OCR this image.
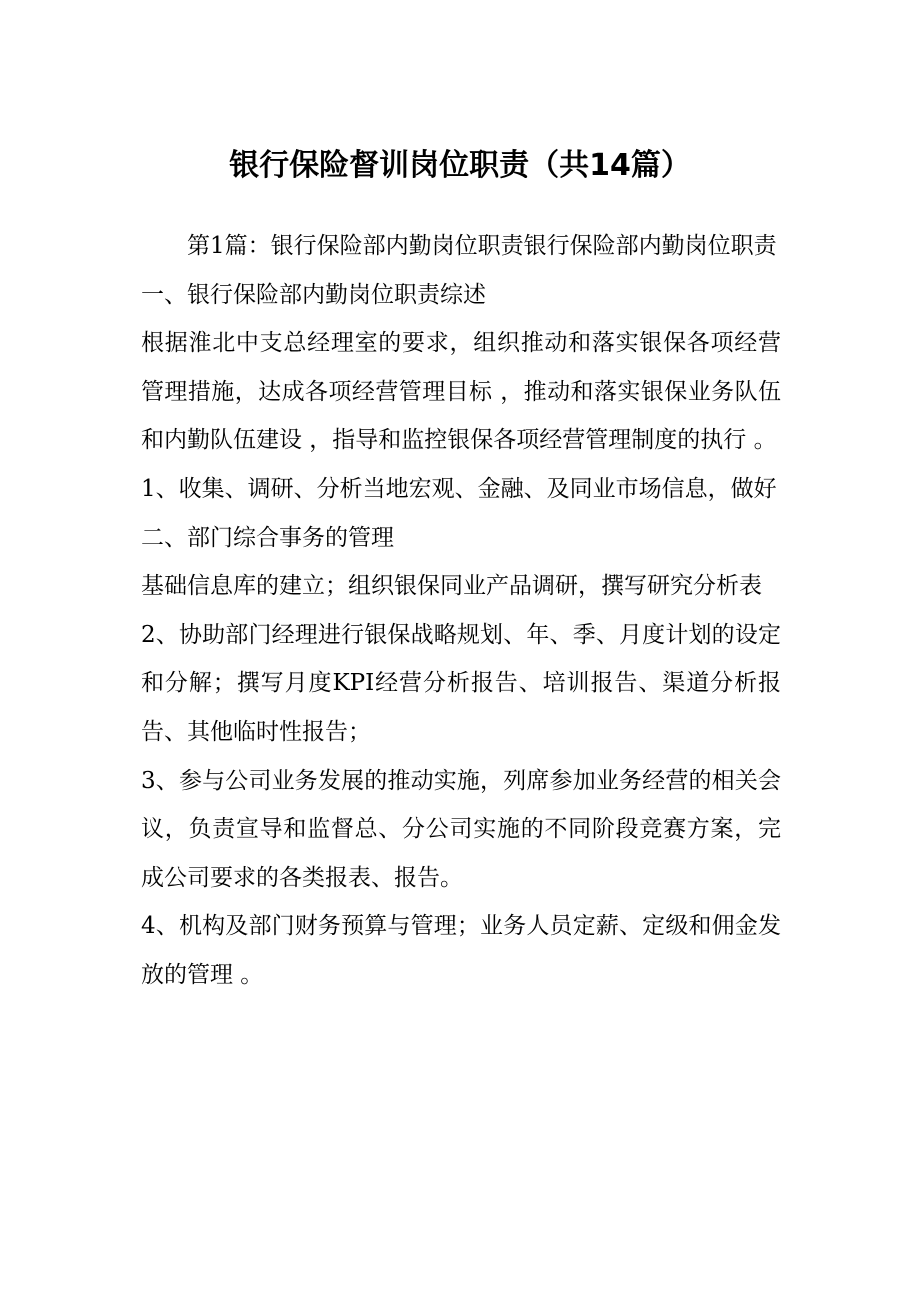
银行保险督训岗位职责（共14篇）

第1篇：银行保险部内勤岗位职责银行保险部内勤岗位职责

一、银行保险部内勤岗位职责综述

根据淮北中支总经理室的要求，组织推动和落实银保各项经营管理措施，达成各项经营管理目标 ，推动和落实银保业务队伍和内勤队伍建设 ，指导和监控银保各项经营管理制度的执行 。

1、收集、调研、分析当地宏观、金融、及同业市场信息，做好

二、部门综合事务的管理

基础信息库的建立；组织银保同业产品调研，撰写研究分析表

2、协助部门经理进行银保战略规划、年、季、月度计划的设定和分解；撰写月度KPI经营分析报告、培训报告、渠道分析报告、其他临时性报告；

3、参与公司业务发展的推动实施，列席参加业务经营的相关会议，负责宣导和监督总、分公司实施的不同阶段竞赛方案，完成公司要求的各类报表、报告。

4、机构及部门财务预算与管理；业务人员定薪、定级和佣金发放的管理 。
